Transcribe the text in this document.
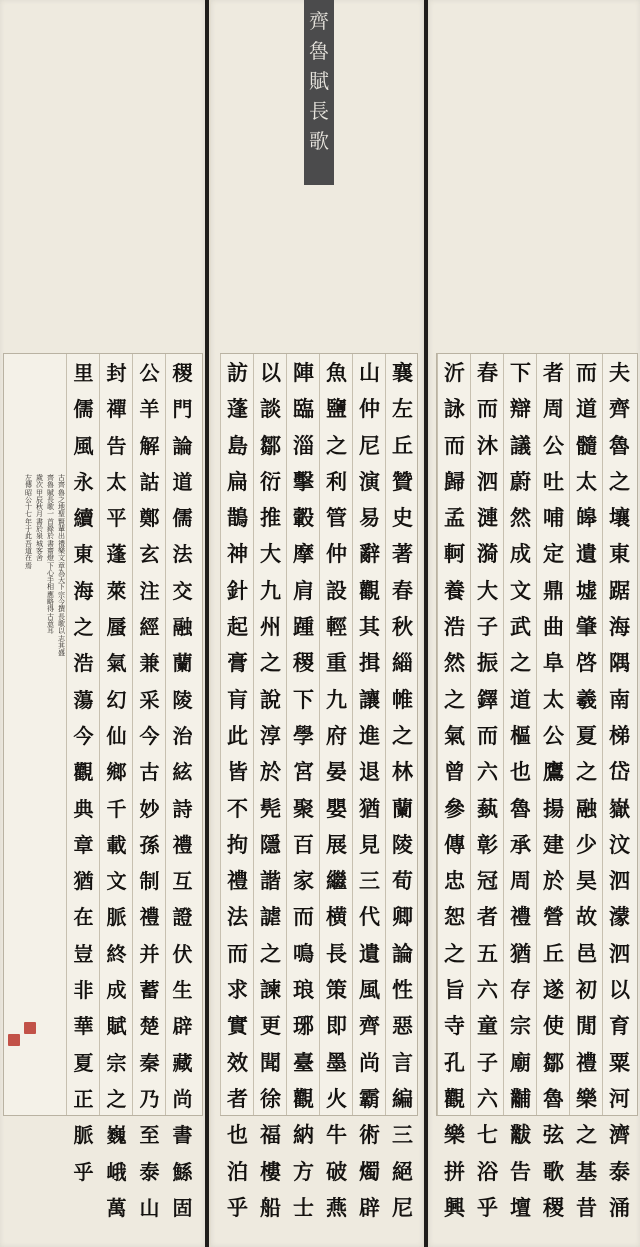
齊
魯
賦
長
歌
夫
齊
魯
之
壤
東
踞
海
隅
南
梯
岱
嶽
汶
泗
濛
泗
以
育
粟
河
濟
泰
涌
而
道
髓
太
皞
遺
墟
肇
啓
羲
夏
之
融
少
昊
故
邑
初
閒
禮
樂
之
基
昔
者
周
公
吐
哺
定
鼎
曲
阜
太
公
鷹
揚
建
於
營
丘
遂
使
鄒
魯
弦
歌
稷
下
辯
議
蔚
然
成
文
武
之
道
樞
也
魯
承
周
禮
猶
存
宗
廟
黼
黻
告
壇
春
而
沐
泗
漣
漪
大
子
振
鐸
而
六
蓺
彰
冠
者
五
六
童
子
六
七
浴
乎
沂
詠
而
歸
孟
軻
養
浩
然
之
氣
曾
參
傳
忠
恕
之
旨
寺
孔
觀
樂
拼
興
襄
左
丘
贊
史
著
春
秋
緇
帷
之
林
蘭
陵
荀
卿
論
性
惡
言
編
三
絕
尼
山
仲
尼
演
易
辭
觀
其
揖
讓
進
退
猶
見
三
代
遺
風
齊
尚
霸
術
燭
辟
魚
鹽
之
利
管
仲
設
輕
重
九
府
晏
嬰
展
繼
横
長
策
即
墨
火
牛
破
燕
陣
臨
淄
擊
轂
摩
肩
踵
稷
下
學
宮
聚
百
家
而
鳴
琅
琊
臺
觀
納
方
士
以
談
鄒
衍
推
大
九
州
之
說
淳
於
髡
隱
諧
謔
之
諫
更
聞
徐
福
樓
船
訪
蓬
島
扁
鵲
神
針
起
膏
肓
此
皆
不
拘
禮
法
而
求
實
效
者
也
泊
乎
稷
門
論
道
儒
法
交
融
蘭
陵
治
絃
詩
禮
互
證
伏
生
辟
藏
尚
書
鯀
固
公
羊
解
詁
鄭
玄
注
經
兼
采
今
古
妙
孫
制
禮
并
蓄
楚
秦
乃
至
泰
山
封
禪
告
太
平
蓬
萊
蜃
氣
幻
仙
鄉
千
載
文
脈
終
成
賦
宗
之
巍
峨
萬
里
儒
風
永
續
東
海
之
浩
蕩
今
觀
典
章
猶
在
豈
非
華
夏
正
脈
乎
古
齊
魯
之
地
聖
賢
輩
出
禮
樂
文
章
為
天
下
宗
今
撰
長
歌
以
志
其
盛
齊
魯
賦
長
歌
一
首
錄
於
書
齋
燈
下
心
手
相
應
略
得
古
意
耳
歲
次
甲
辰
秋
月
書
於
泉
城
客
舍
左
傳
昭
公
十
七
年
于
此
吾
道
在
焉
